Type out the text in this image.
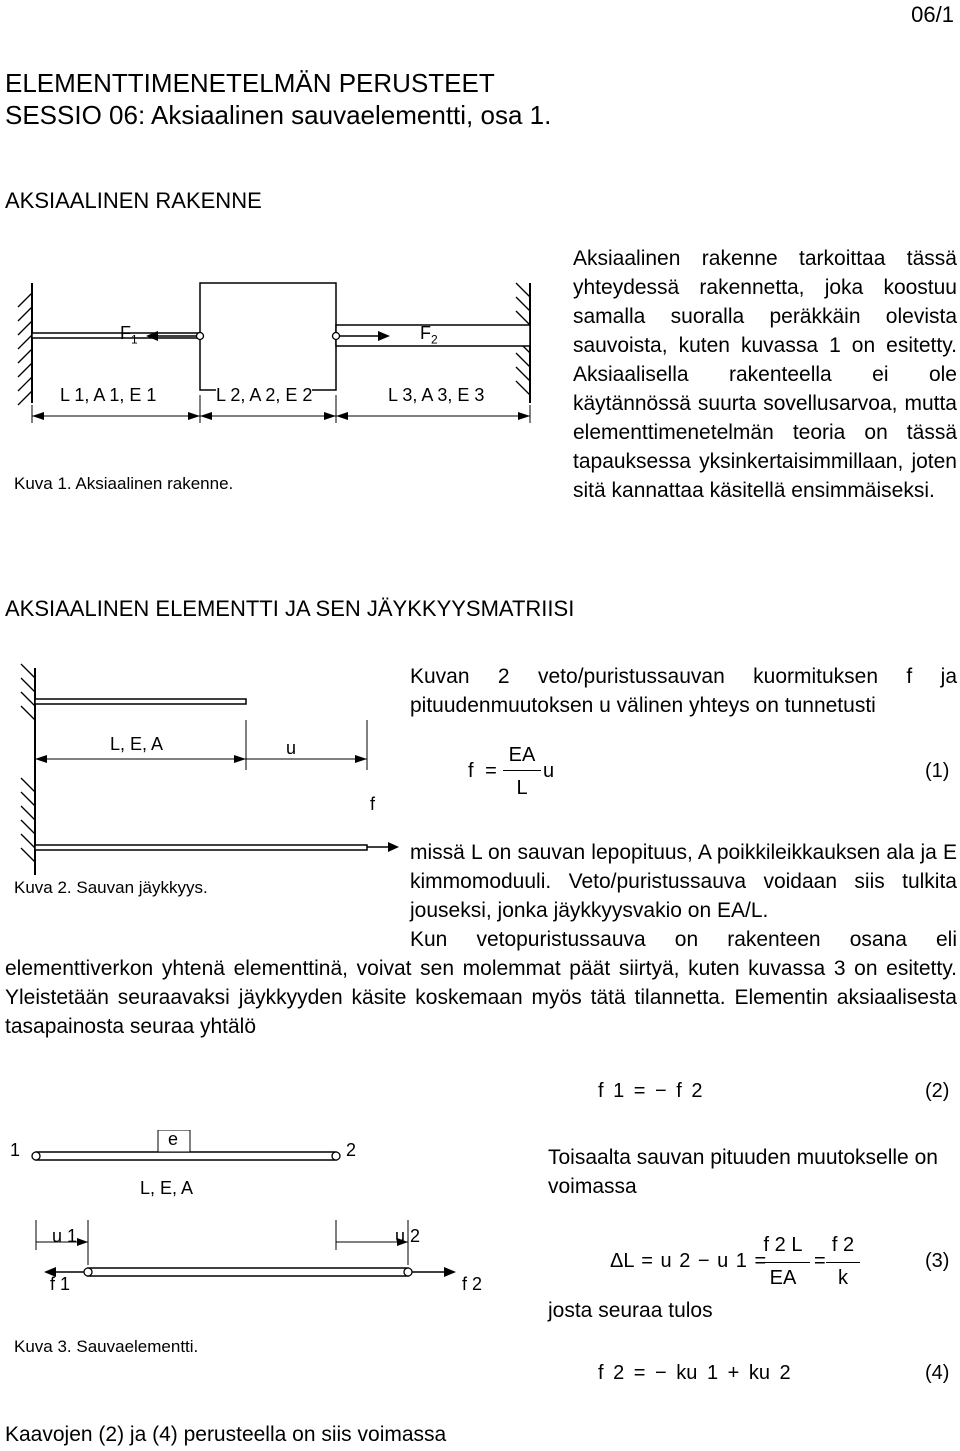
06/1
ELEMENTTIMENETELMÄN PERUSTEET
SESSIO 06: Aksiaalinen sauvaelementti, osa 1.
AKSIAALINEN RAKENNE
$F_1$	$F_2$
L 1, A 1, E 1	L 2, A 2, E 2	L 3, A 3, E 3
Kuva 1. Aksiaalinen rakenne.
Aksiaalinen rakenne tarkoittaa tässä yhteydessä rakennetta, joka koostuu samalla suoralla peräkkäin olevista sauvoista, kuten kuvassa 1 on esitetty. Aksiaalisella rakenteella ei ole käytännössä suurta sovellusarvoa, mutta elementtimenetelmän teoria on tässä tapauksessa yksinkertaisimmillaan, joten sitä kannattaa käsitellä ensimmäiseksi.
AKSIAALINEN ELEMENTTI JA SEN JÄYKKYYSMATRIISI
L, E, A	u
f
Kuva 2. Sauvan jäykkyys.
Kuvan 2 veto/puristussauvan kuormituksen f ja pituudenmuutoksen u välinen yhteys on tunnetusti
f =
EA
L
u	(1)
missä L on sauvan lepopituus, A poikkileikkauksen ala ja E kimmomoduuli. Veto/puristussauva voidaan siis tulkita jouseksi, jonka jäykkyysvakio on EA/L.
Kun vetopuristussauva on rakenteen osana eli elementtiverkon yhtenä elementtinä, voivat sen molemmat päät siirtyä, kuten kuvassa 3 on esitetty. Yleistetään seuraavaksi jäykkyyden käsite koskemaan myös tätä tilannetta. Elementin aksiaalisesta tasapainosta seuraa yhtälö
f 1 = − f 2	(2)
Toisaalta sauvan pituuden muutokselle on voimassa
ΔL = u 2 − u 1 =
f 2 L
EA
=
f 2
k
(3)
josta seuraa tulos
f 2 = − ku 1 + ku 2	(4)
1
e
2
L, E, A
u 1	u 2
f 1	f 2
Kuva 3. Sauvaelementti.
Kaavojen (2) ja (4) perusteella on siis voimassa
